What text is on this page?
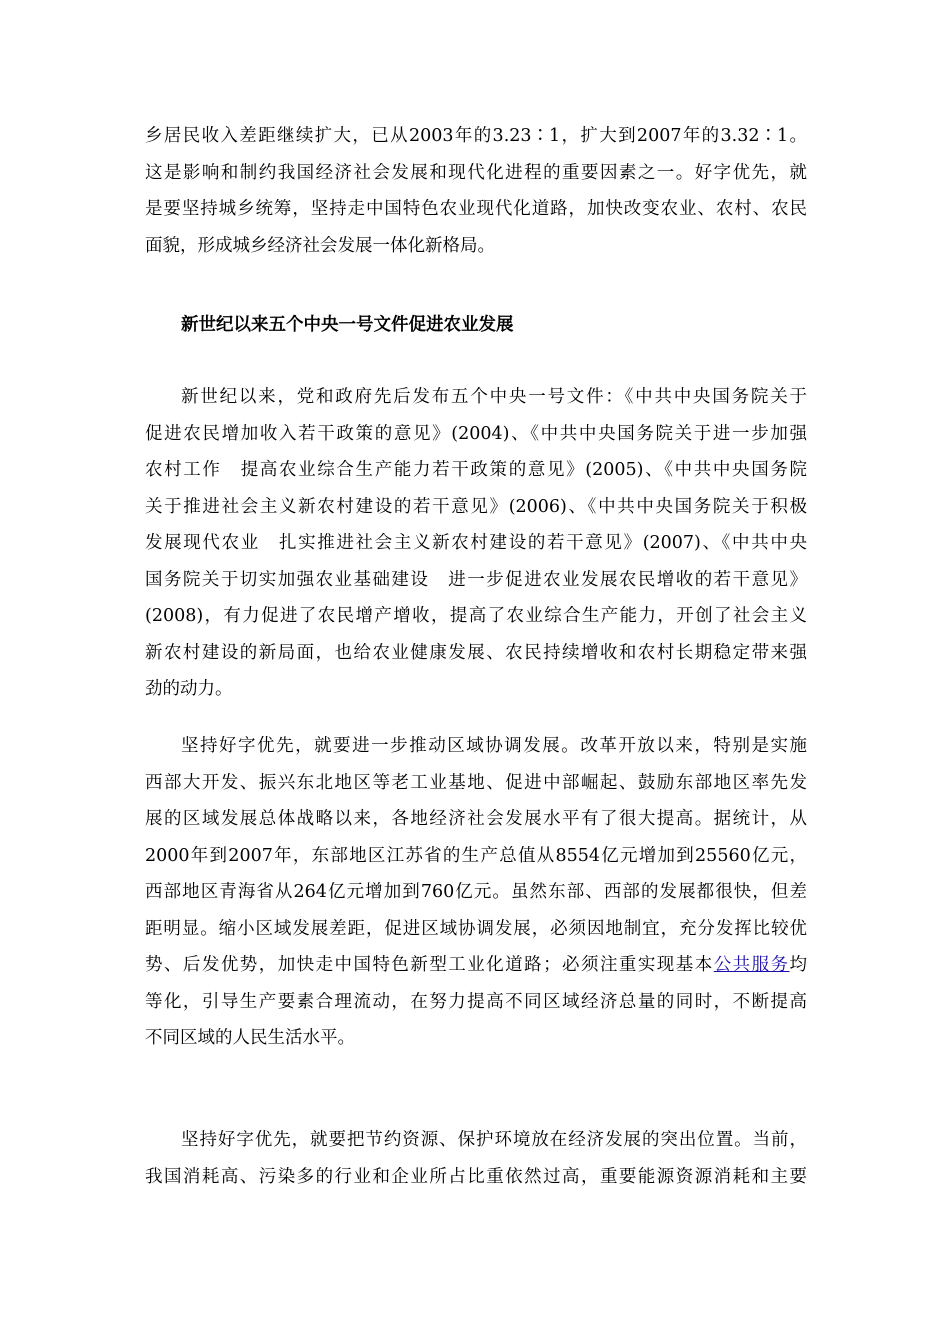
乡居民收入差距继续扩大，已从2003年的3.23∶1，扩大到2007年的3.32∶1。
这是影响和制约我国经济社会发展和现代化进程的重要因素之一。好字优先，就
是要坚持城乡统筹，坚持走中国特色农业现代化道路，加快改变农业、农村、农民
面貌，形成城乡经济社会发展一体化新格局。
新世纪以来五个中央一号文件促进农业发展
新世纪以来，党和政府先后发布五个中央一号文件：《中共中央国务院关于
促进农民增加收入若干政策的意见》(2004)、《中共中央国务院关于进一步加强
农村工作　提高农业综合生产能力若干政策的意见》(2005)、《中共中央国务院
关于推进社会主义新农村建设的若干意见》(2006)、《中共中央国务院关于积极
发展现代农业　扎实推进社会主义新农村建设的若干意见》(2007)、《中共中央
国务院关于切实加强农业基础建设　进一步促进农业发展农民增收的若干意见》
(2008)，有力促进了农民增产增收，提高了农业综合生产能力，开创了社会主义
新农村建设的新局面，也给农业健康发展、农民持续增收和农村长期稳定带来强
劲的动力。
坚持好字优先，就要进一步推动区域协调发展。改革开放以来，特别是实施
西部大开发、振兴东北地区等老工业基地、促进中部崛起、鼓励东部地区率先发
展的区域发展总体战略以来，各地经济社会发展水平有了很大提高。据统计，从
2000年到2007年，东部地区江苏省的生产总值从8554亿元增加到25560亿元，
西部地区青海省从264亿元增加到760亿元。虽然东部、西部的发展都很快，但差
距明显。缩小区域发展差距，促进区域协调发展，必须因地制宜，充分发挥比较优
势、后发优势，加快走中国特色新型工业化道路；必须注重实现基本公共服务均
等化，引导生产要素合理流动，在努力提高不同区域经济总量的同时，不断提高
不同区域的人民生活水平。
坚持好字优先，就要把节约资源、保护环境放在经济发展的突出位置。当前，
我国消耗高、污染多的行业和企业所占比重依然过高，重要能源资源消耗和主要
